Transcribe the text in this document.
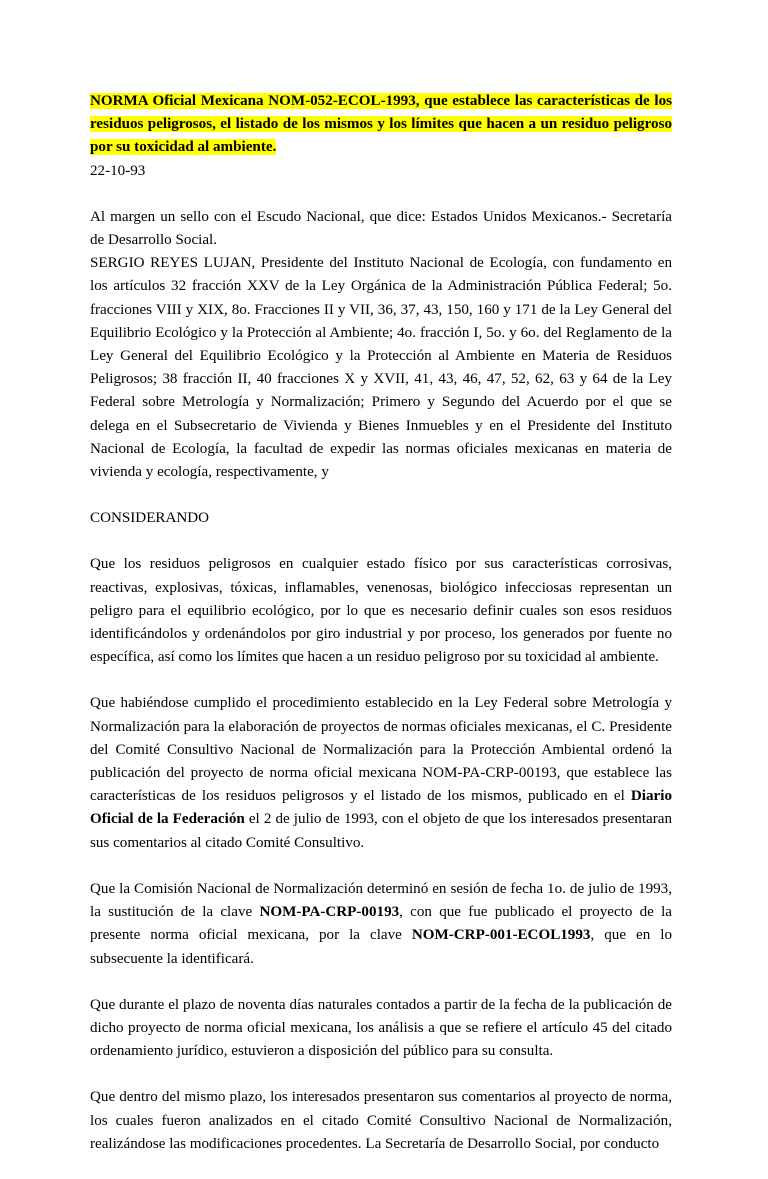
NORMA Oficial Mexicana NOM-052-ECOL-1993, que establece las características de los residuos peligrosos, el listado de los mismos y los límites que hacen a un residuo peligroso por su toxicidad al ambiente.

22-10-93

Al margen un sello con el Escudo Nacional, que dice: Estados Unidos Mexicanos.- Secretaría de Desarrollo Social.

SERGIO REYES LUJAN, Presidente del Instituto Nacional de Ecología, con fundamento en los artículos 32 fracción XXV de la Ley Orgánica de la Administración Pública Federal; 5o. fracciones VIII y XIX, 8o. Fracciones II y VII, 36, 37, 43, 150, 160 y 171 de la Ley General del Equilibrio Ecológico y la Protección al Ambiente; 4o. fracción I, 5o. y 6o. del Reglamento de la Ley General del Equilibrio Ecológico y la Protección al Ambiente en Materia de Residuos Peligrosos; 38 fracción II, 40 fracciones X y XVII, 41, 43, 46, 47, 52, 62, 63 y 64 de la Ley Federal sobre Metrología y Normalización; Primero y Segundo del Acuerdo por el que se delega en el Subsecretario de Vivienda y Bienes Inmuebles y en el Presidente del Instituto Nacional de Ecología, la facultad de expedir las normas oficiales mexicanas en materia de vivienda y ecología, respectivamente, y

CONSIDERANDO

Que los residuos peligrosos en cualquier estado físico por sus características corrosivas, reactivas, explosivas, tóxicas, inflamables, venenosas, biológico infecciosas representan un peligro para el equilibrio ecológico, por lo que es necesario definir cuales son esos residuos identificándolos y ordenándolos por giro industrial y por proceso, los generados por fuente no específica, así como los límites que hacen a un residuo peligroso por su toxicidad al ambiente.

Que habiéndose cumplido el procedimiento establecido en la Ley Federal sobre Metrología y Normalización para la elaboración de proyectos de normas oficiales mexicanas, el C. Presidente del Comité Consultivo Nacional de Normalización para la Protección Ambiental ordenó la publicación del proyecto de norma oficial mexicana NOM-PA-CRP-00193, que establece las características de los residuos peligrosos y el listado de los mismos, publicado en el Diario Oficial de la Federación el 2 de julio de 1993, con el objeto de que los interesados presentaran sus comentarios al citado Comité Consultivo.

Que la Comisión Nacional de Normalización determinó en sesión de fecha 1o. de julio de 1993, la sustitución de la clave NOM-PA-CRP-00193, con que fue publicado el proyecto de la presente norma oficial mexicana, por la clave NOM-CRP-001-ECOL1993, que en lo subsecuente la identificará.

Que durante el plazo de noventa días naturales contados a partir de la fecha de la publicación de dicho proyecto de norma oficial mexicana, los análisis a que se refiere el artículo 45 del citado ordenamiento jurídico, estuvieron a disposición del público para su consulta.

Que dentro del mismo plazo, los interesados presentaron sus comentarios al proyecto de norma, los cuales fueron analizados en el citado Comité Consultivo Nacional de Normalización, realizándose las modificaciones procedentes. La Secretaría de Desarrollo Social, por conducto
